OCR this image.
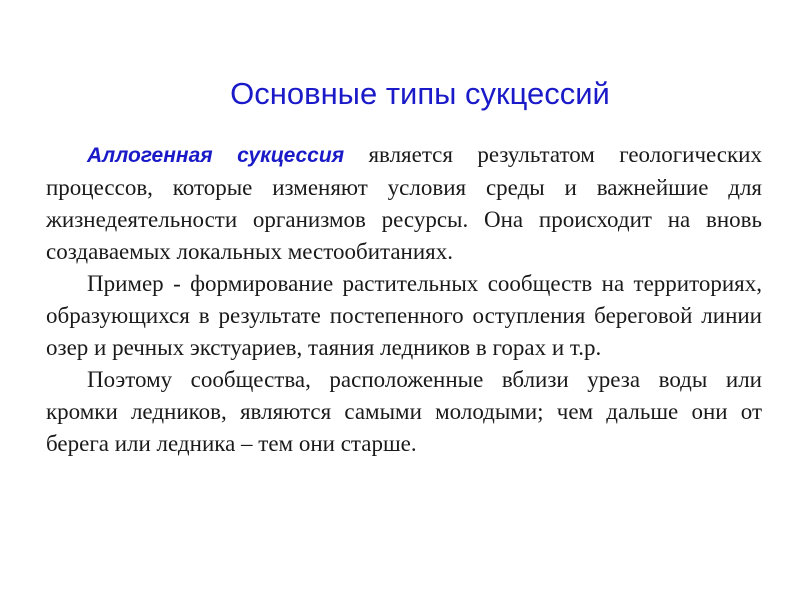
Основные типы сукцессий

Аллогенная сукцессия является результатом геологических процессов, которые изменяют условия среды и важнейшие для жизнедеятельности организмов ресурсы. Она происходит на вновь создаваемых локальных местообитаниях.

Пример - формирование растительных сообществ на территориях, образующихся в результате постепенного оступления береговой линии озер и речных экстуариев, таяния ледников в горах и т.р.

Поэтому сообщества, расположенные вблизи уреза воды или кромки ледников, являются самыми молодыми; чем дальше они от берега или ледника – тем они старше.
